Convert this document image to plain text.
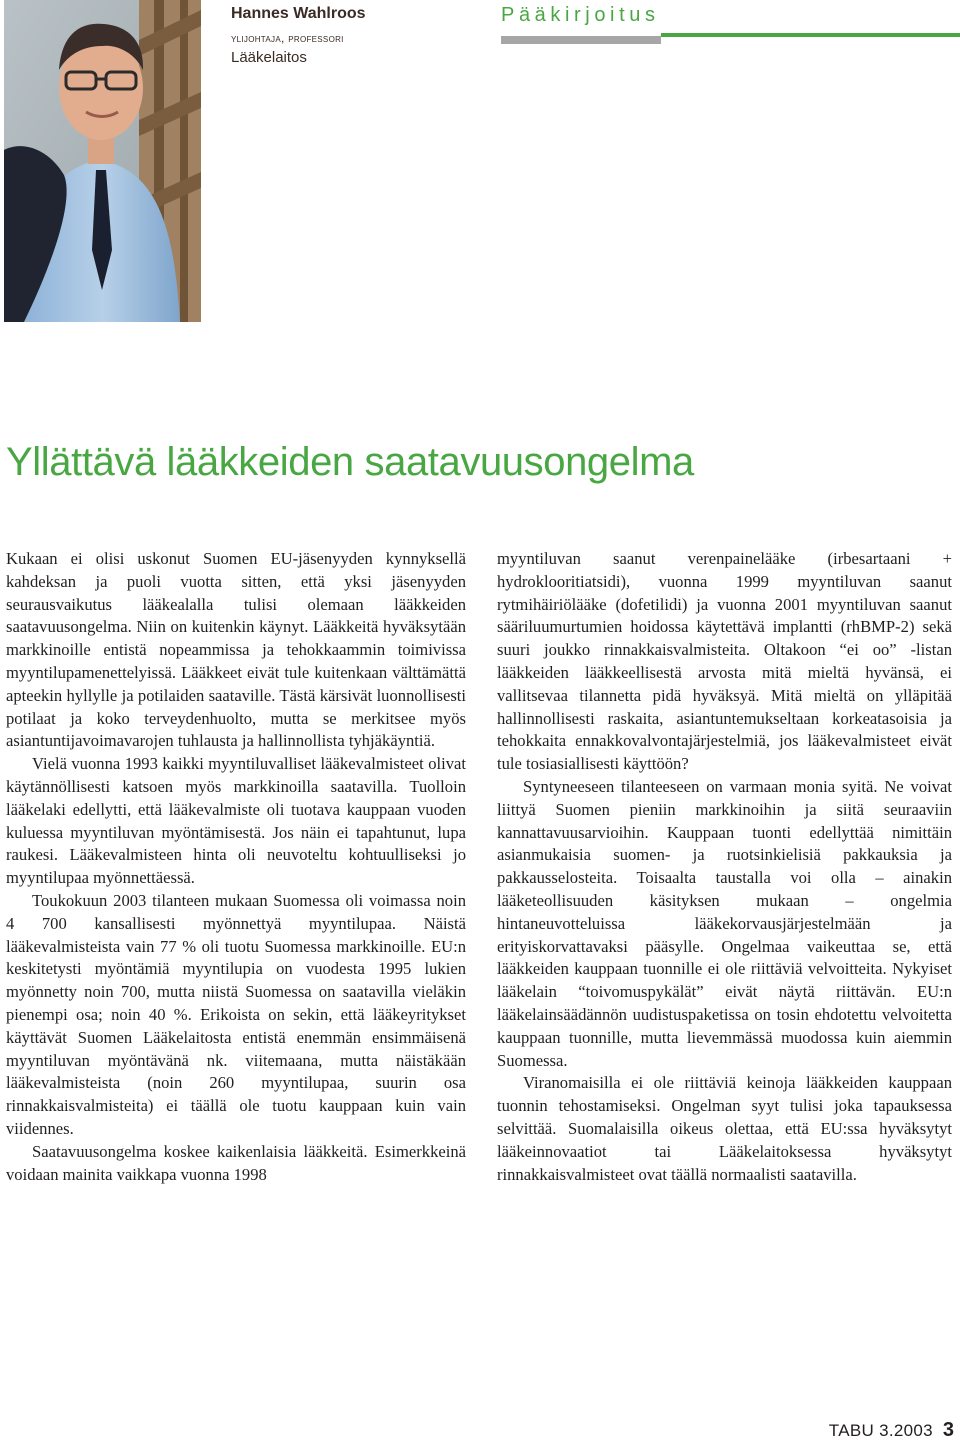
Hannes Wahlroos
ylijohtaja, professori
Lääkelaitos
Pääkirjoitus
Yllättävä lääkkeiden saatavuusongelma

Kukaan ei olisi uskonut Suomen EU-jäsenyyden kynnyksellä kahdeksan ja puoli vuotta sitten, että yksi jäsenyyden seurausvaikutus lääkealalla tulisi olemaan lääkkeiden saatavuusongelma. Niin on kuitenkin käynyt. Lääkkeitä hyväksytään markkinoille entistä nopeammissa ja tehokkaammin toimivissa myyntilupamenettelyissä. Lääkkeet eivät tule kuitenkaan välttämättä apteekin hyllylle ja potilaiden saataville. Tästä kärsivät luonnollisesti potilaat ja koko terveydenhuolto, mutta se merkitsee myös asiantuntijavoimavarojen tuhlausta ja hallinnollista tyhjäkäyntiä.

Vielä vuonna 1993 kaikki myyntiluvalliset lääkevalmisteet olivat käytännöllisesti katsoen myös markkinoilla saatavilla. Tuolloin lääkelaki edellytti, että lääkevalmiste oli tuotava kauppaan vuoden kuluessa myyntiluvan myöntämisestä. Jos näin ei tapahtunut, lupa raukesi. Lääkevalmisteen hinta oli neuvoteltu kohtuulliseksi jo myyntilupaa myönnettäessä.

Toukokuun 2003 tilanteen mukaan Suomessa oli voimassa noin 4 700 kansallisesti myönnettyä myyntilupaa. Näistä lääkevalmisteista vain 77 % oli tuotu Suomessa markkinoille. EU:n keskitetysti myöntämiä myyntilupia on vuodesta 1995 lukien myönnetty noin 700, mutta niistä Suomessa on saatavilla vieläkin pienempi osa; noin 40 %. Erikoista on sekin, että lääkeyritykset käyttävät Suomen Lääkelaitosta entistä enemmän ensimmäisenä myyntiluvan myöntävänä nk. viitemaana, mutta näistäkään lääkevalmisteista (noin 260 myyntilupaa, suurin osa rinnakkaisvalmisteita) ei täällä ole tuotu kauppaan kuin vain viidennes.

Saatavuusongelma koskee kaikenlaisia lääkkeitä. Esimerkkeinä voidaan mainita vaikkapa vuonna 1998

myyntiluvan saanut verenpainelääke (irbesartaani + hydroklooritiatsidi), vuonna 1999 myyntiluvan saanut rytmihäiriölääke (dofetilidi) ja vuonna 2001 myyntiluvan saanut sääriluumurtumien hoidossa käytettävä implantti (rhBMP-2) sekä suuri joukko rinnakkaisvalmisteita. Oltakoon “ei oo” -listan lääkkeiden lääkkeellisestä arvosta mitä mieltä hyvänsä, ei vallitsevaa tilannetta pidä hyväksyä. Mitä mieltä on ylläpitää hallinnollisesti raskaita, asiantuntemukseltaan korkeatasoisia ja tehokkaita ennakkovalvontajärjestelmiä, jos lääkevalmisteet eivät tule tosiasiallisesti käyttöön?

Syntyneeseen tilanteeseen on varmaan monia syitä. Ne voivat liittyä Suomen pieniin markkinoihin ja siitä seuraaviin kannattavuusarvioihin. Kauppaan tuonti edellyttää nimittäin asianmukaisia suomen- ja ruotsinkielisiä pakkauksia ja pakkausselosteita. Toisaalta taustalla voi olla – ainakin lääketeollisuuden käsityksen mukaan – ongelmia hintaneuvotteluissa lääkekorvausjärjestelmään ja erityiskorvattavaksi pääsylle. Ongelmaa vaikeuttaa se, että lääkkeiden kauppaan tuonnille ei ole riittäviä velvoitteita. Nykyiset lääkelain “toivomuspykälät” eivät näytä riittävän. EU:n lääkelainsäädännön uudistuspaketissa on tosin ehdotettu velvoitetta kauppaan tuonnille, mutta lievemmässä muodossa kuin aiemmin Suomessa.

Viranomaisilla ei ole riittäviä keinoja lääkkeiden kauppaan tuonnin tehostamiseksi. Ongelman syyt tulisi joka tapauksessa selvittää. Suomalaisilla oikeus olettaa, että EU:ssa hyväksytyt lääkeinnovaatiot tai Lääkelaitoksessa hyväksytyt rinnakkaisvalmisteet ovat täällä normaalisti saatavilla.

TABU 3.2003 3
